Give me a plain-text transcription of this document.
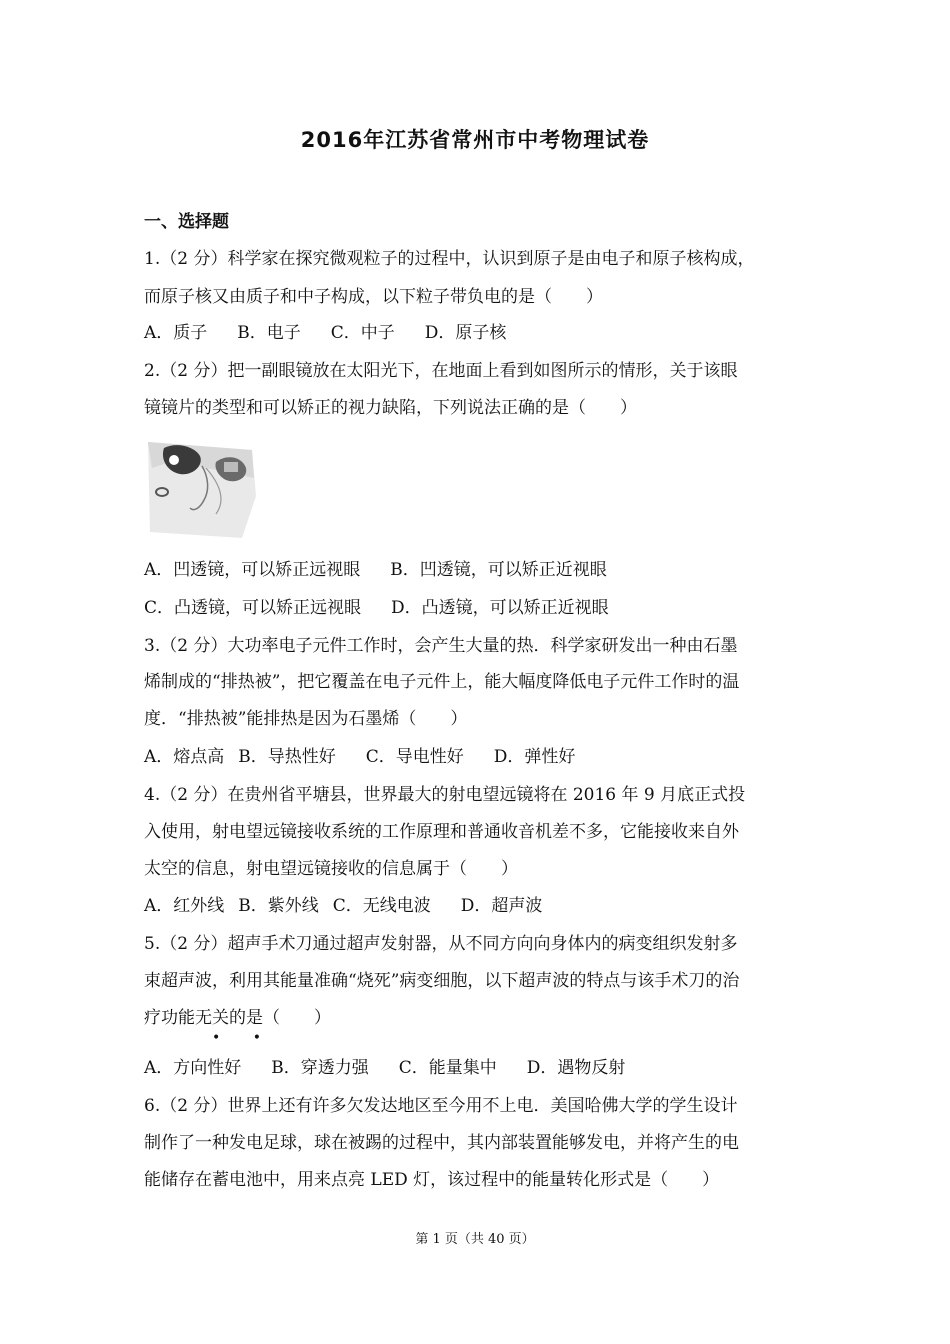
2016年江苏省常州市中考物理试卷
一、选择题
1.（2 分）科学家在探究微观粒子的过程中，认识到原子是由电子和原子核构成，
而原子核又由质子和中子构成，以下粒子带负电的是（　　）
A．质子 B．电子 C．中子 D．原子核
2.（2 分）把一副眼镜放在太阳光下，在地面上看到如图所示的情形，关于该眼
镜镜片的类型和可以矫正的视力缺陷，下列说法正确的是（　　）
A．凹透镜，可以矫正远视眼 B．凹透镜，可以矫正近视眼
C．凸透镜，可以矫正远视眼 D．凸透镜，可以矫正近视眼
3.（2 分）大功率电子元件工作时，会产生大量的热．科学家研发出一种由石墨
烯制成的“排热被”，把它覆盖在电子元件上，能大幅度降低电子元件工作时的温
度．“排热被”能排热是因为石墨烯（　　）
A．熔点高 B．导热性好 C．导电性好 D．弹性好
4.（2 分）在贵州省平塘县，世界最大的射电望远镜将在 2016 年 9 月底正式投
入使用，射电望远镜接收系统的工作原理和普通收音机差不多，它能接收来自外
太空的信息，射电望远镜接收的信息属于（　　）
A．红外线 B．紫外线 C．无线电波 D．超声波
5.（2 分）超声手术刀通过超声发射器，从不同方向向身体内的病变组织发射多
束超声波，利用其能量准确“烧死”病变细胞，以下超声波的特点与该手术刀的治
疗功能无关的是（　　）
• •
A．方向性好 B．穿透力强 C．能量集中 D．遇物反射
6.（2 分）世界上还有许多欠发达地区至今用不上电．美国哈佛大学的学生设计
制作了一种发电足球，球在被踢的过程中，其内部装置能够发电，并将产生的电
能储存在蓄电池中，用来点亮 LED 灯，该过程中的能量转化形式是（　　）
第 1 页（共 40 页）
